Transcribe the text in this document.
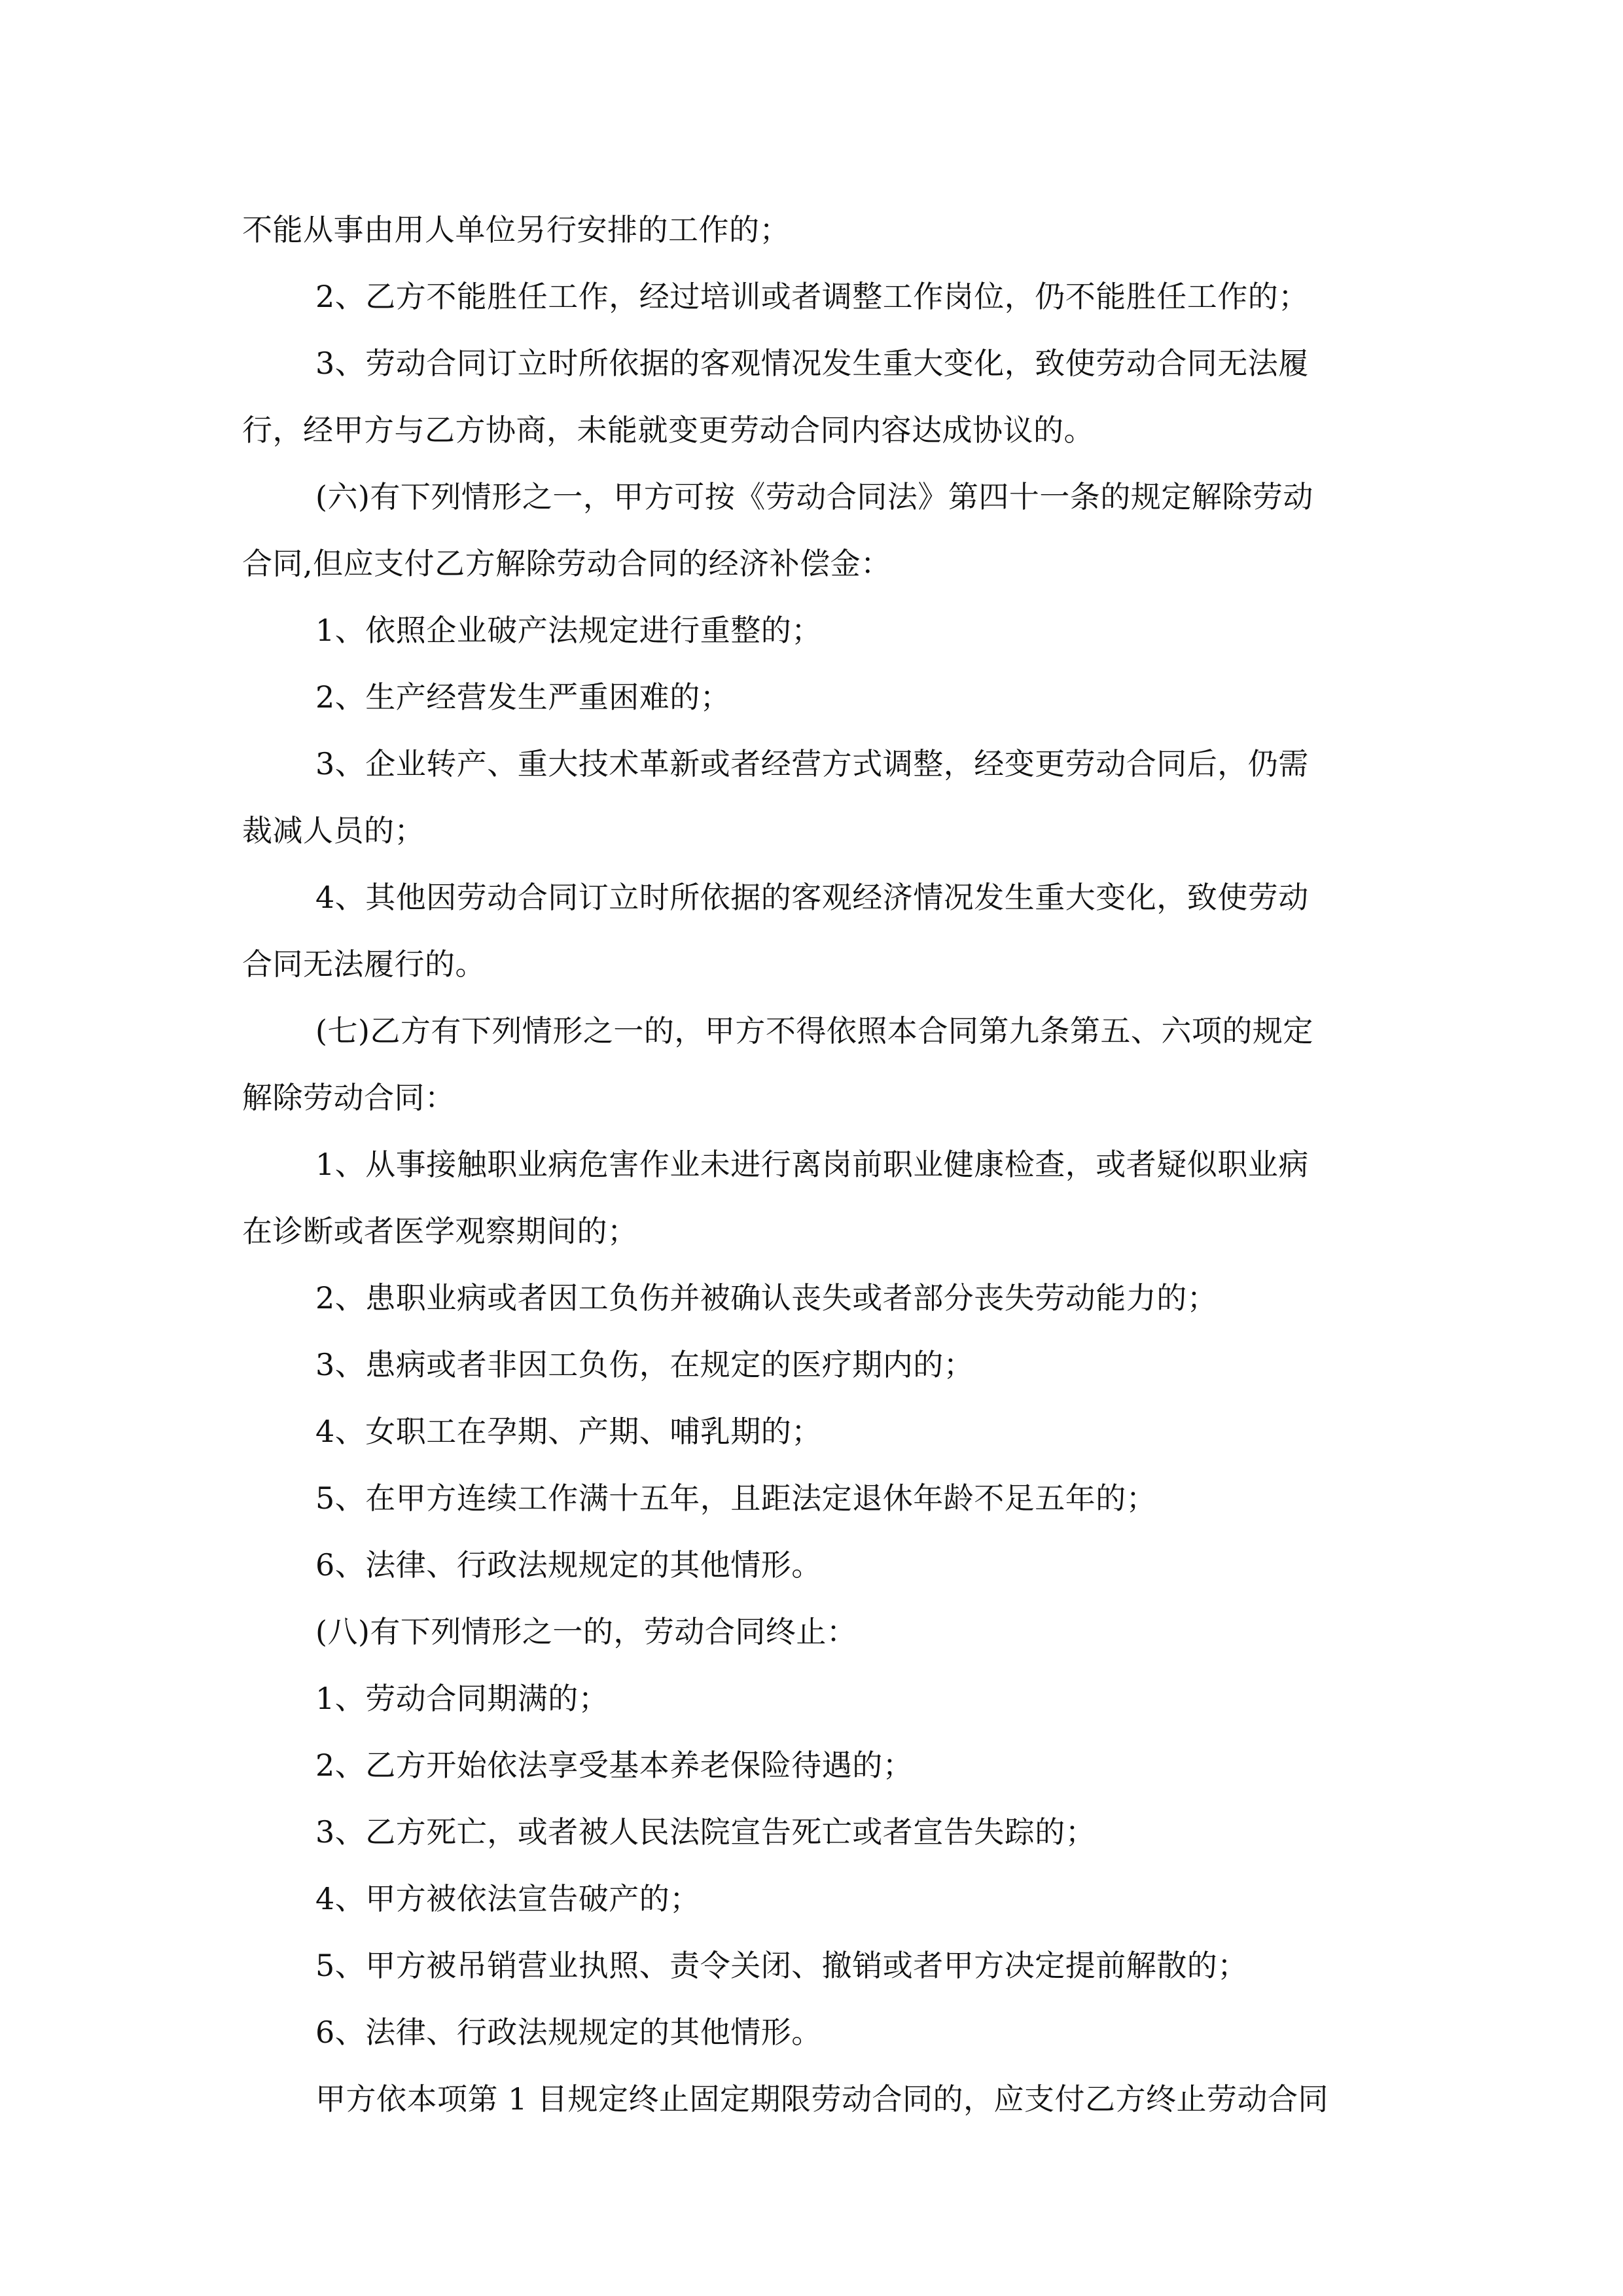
不能从事由用人单位另行安排的工作的；
2、乙方不能胜任工作，经过培训或者调整工作岗位，仍不能胜任工作的；
3、劳动合同订立时所依据的客观情况发生重大变化，致使劳动合同无法履
行，经甲方与乙方协商，未能就变更劳动合同内容达成协议的。
(六)有下列情形之一，甲方可按《劳动合同法》第四十一条的规定解除劳动
合同,但应支付乙方解除劳动合同的经济补偿金：
1、依照企业破产法规定进行重整的；
2、生产经营发生严重困难的；
3、企业转产、重大技术革新或者经营方式调整，经变更劳动合同后，仍需
裁减人员的；
4、其他因劳动合同订立时所依据的客观经济情况发生重大变化，致使劳动
合同无法履行的。
(七)乙方有下列情形之一的，甲方不得依照本合同第九条第五、六项的规定
解除劳动合同：
1、从事接触职业病危害作业未进行离岗前职业健康检查，或者疑似职业病
在诊断或者医学观察期间的；
2、患职业病或者因工负伤并被确认丧失或者部分丧失劳动能力的；
3、患病或者非因工负伤，在规定的医疗期内的；
4、女职工在孕期、产期、哺乳期的；
5、在甲方连续工作满十五年，且距法定退休年龄不足五年的；
6、法律、行政法规规定的其他情形。
(八)有下列情形之一的，劳动合同终止：
1、劳动合同期满的；
2、乙方开始依法享受基本养老保险待遇的；
3、乙方死亡，或者被人民法院宣告死亡或者宣告失踪的；
4、甲方被依法宣告破产的；
5、甲方被吊销营业执照、责令关闭、撤销或者甲方决定提前解散的；
6、法律、行政法规规定的其他情形。
甲方依本项第 1 目规定终止固定期限劳动合同的，应支付乙方终止劳动合同
